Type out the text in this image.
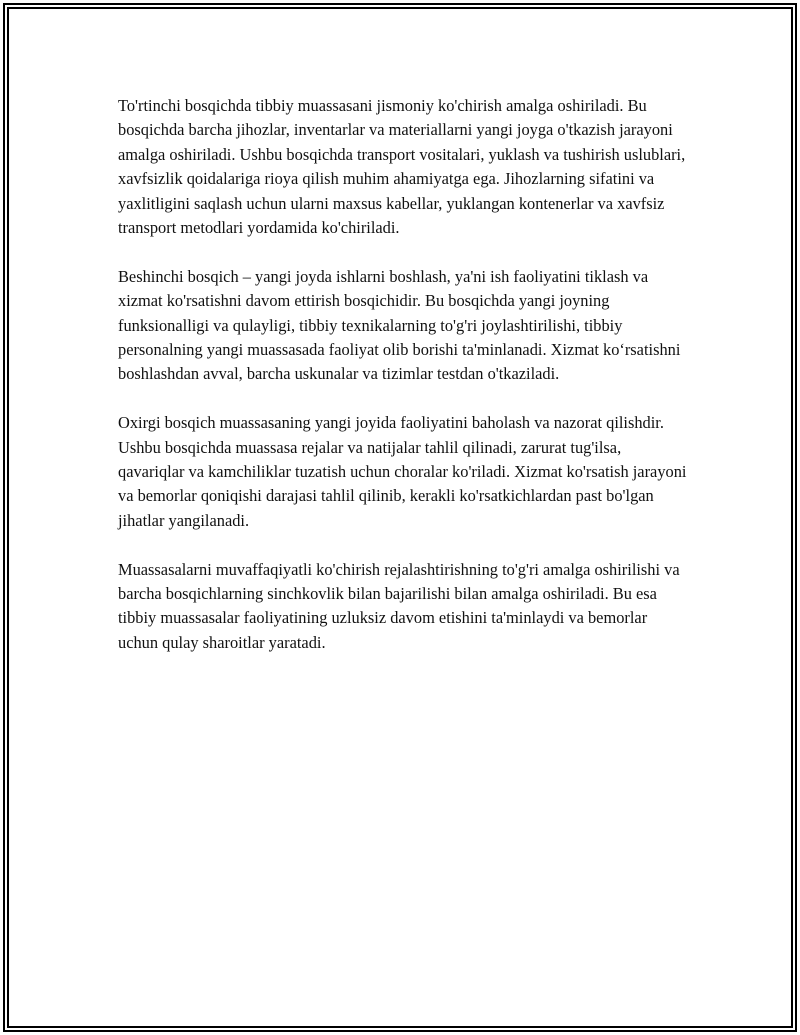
To'rtinchi bosqichda tibbiy muassasani jismoniy ko'chirish amalga oshiriladi. Bu bosqichda barcha jihozlar, inventarlar va materiallarni yangi joyga o'tkazish jarayoni amalga oshiriladi. Ushbu bosqichda transport vositalari, yuklash va tushirish uslublari, xavfsizlik qoidalariga rioya qilish muhim ahamiyatga ega. Jihozlarning sifatini va yaxlitligini saqlash uchun ularni maxsus kabellar, yuklangan kontenerlar va xavfsiz transport metodlari yordamida ko'chiriladi.

Beshinchi bosqich – yangi joyda ishlarni boshlash, ya'ni ish faoliyatini tiklash va xizmat ko'rsatishni davom ettirish bosqichidir. Bu bosqichda yangi joyning funksionalligi va qulayligi, tibbiy texnikalarning to'g'ri joylashtirilishi, tibbiy personalning yangi muassasada faoliyat olib borishi ta'minlanadi. Xizmat ko‘rsatishni boshlashdan avval, barcha uskunalar va tizimlar testdan o'tkaziladi.

Oxirgi bosqich muassasaning yangi joyida faoliyatini baholash va nazorat qilishdir. Ushbu bosqichda muassasa rejalar va natijalar tahlil qilinadi, zarurat tug'ilsa, qavariqlar va kamchiliklar tuzatish uchun choralar ko'riladi. Xizmat ko'rsatish jarayoni va bemorlar qoniqishi darajasi tahlil qilinib, kerakli ko'rsatkichlardan past bo'lgan jihatlar yangilanadi.

Muassasalarni muvaffaqiyatli ko'chirish rejalashtirishning to'g'ri amalga oshirilishi va barcha bosqichlarning sinchkovlik bilan bajarilishi bilan amalga oshiriladi. Bu esa tibbiy muassasalar faoliyatining uzluksiz davom etishini ta'minlaydi va bemorlar uchun qulay sharoitlar yaratadi.
